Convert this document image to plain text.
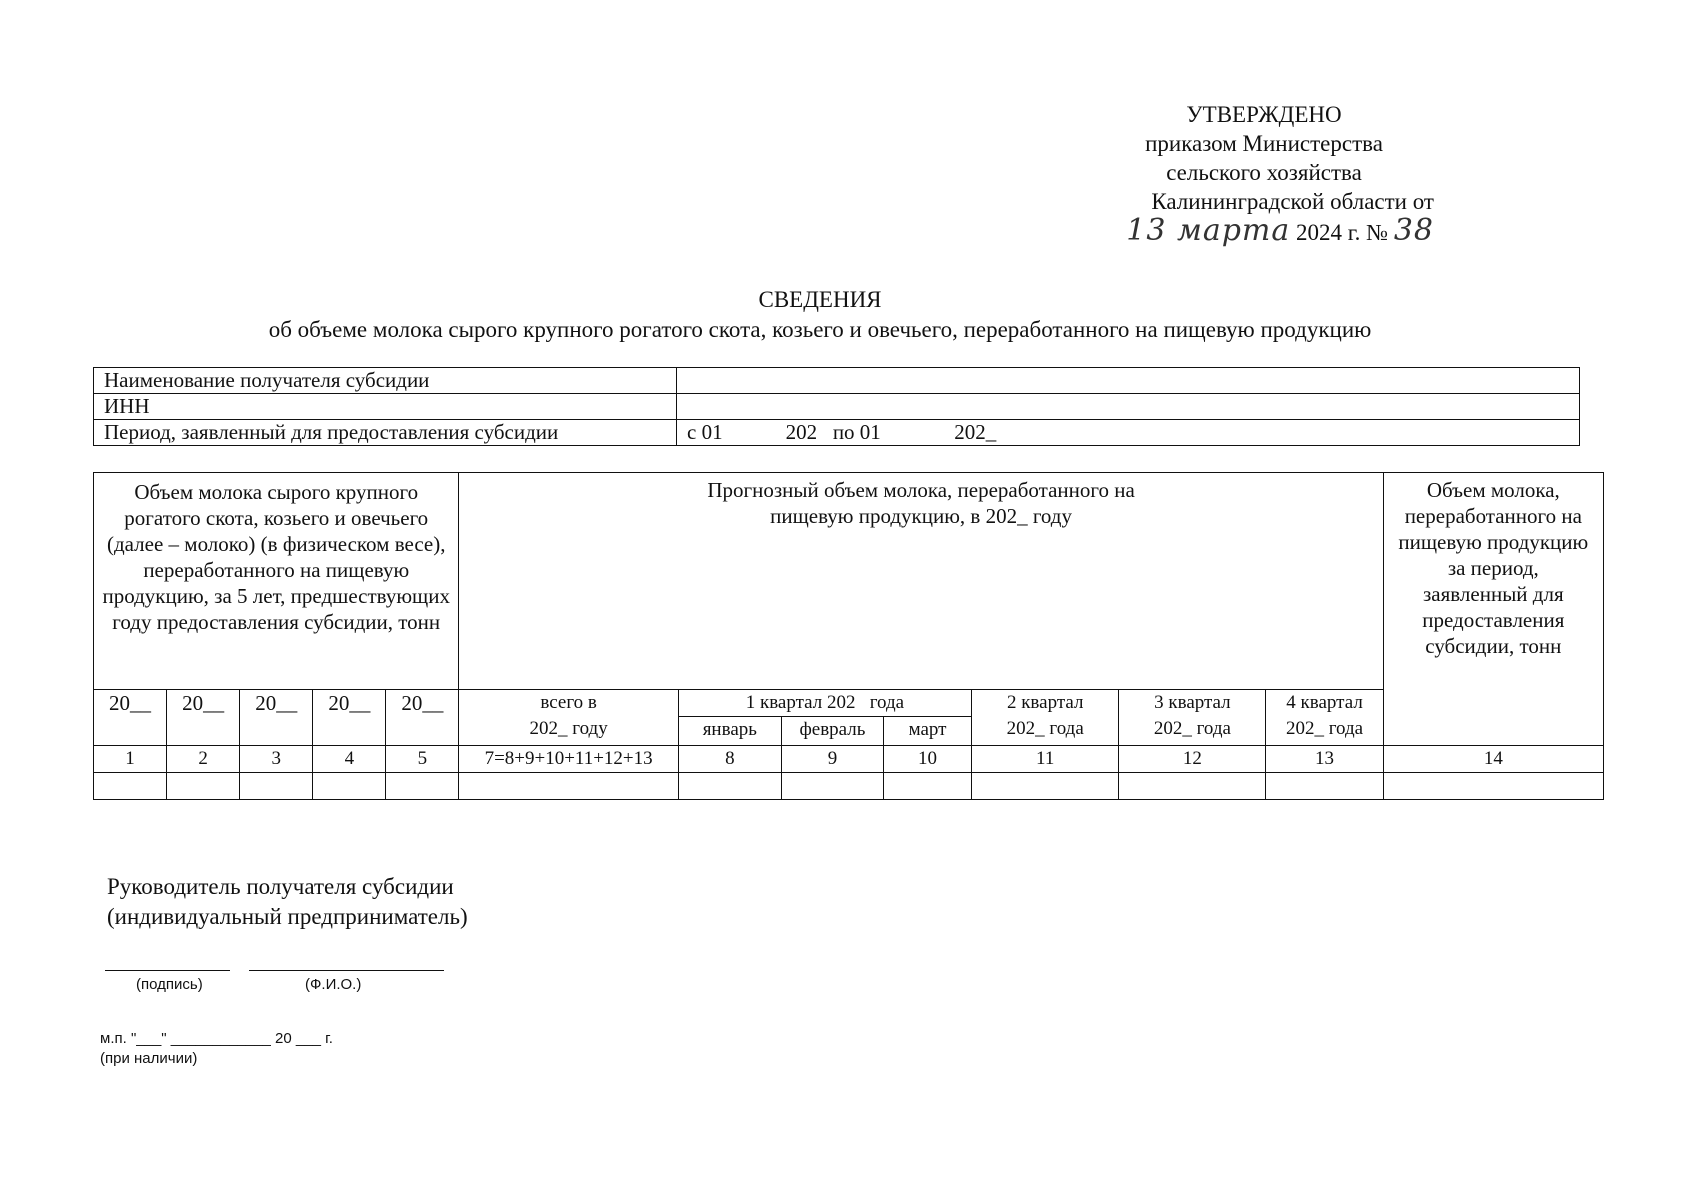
УТВЕРЖДЕНО
приказом Министерства
сельского хозяйства
Калининградской области от
13 марта 2024 г. № 38
СВЕДЕНИЯ
об объеме молока сырого крупного рогатого скота, козьего и овечьего, переработанного на пищевую продукцию
Наименование получателя субсидии	
ИНН	
Период, заявленный для предоставления субсидии	с 01            202   по 01              202_
Объем молока сырого крупного рогатого скота, козьего и овечьего (далее – молоко) (в физическом весе), переработанного на пищевую продукцию, за 5 лет, предшествующих году предоставления субсидии, тонн					Прогнозный объем молока, переработанного на пищевую продукцию, в 202_ году							Объем молока, переработанного на пищевую продукцию за период, заявленный для предоставления субсидии, тонн
20__	20__	20__	20__	20__	всего в 202_ году	1 квартал 202   года			2 квартал 202_ года	3 квартал 202_ года	4 квартал 202_ года	
						январь	февраль	март				
1	2	3	4	5	7=8+9+10+11+12+13	8	9	10	11	12	13	14

Руководитель получателя субсидии
(индивидуальный предприниматель)
(подпись)	(Ф.И.О.)
м.п. "___" ____________ 20 ___ г.
(при наличии)
